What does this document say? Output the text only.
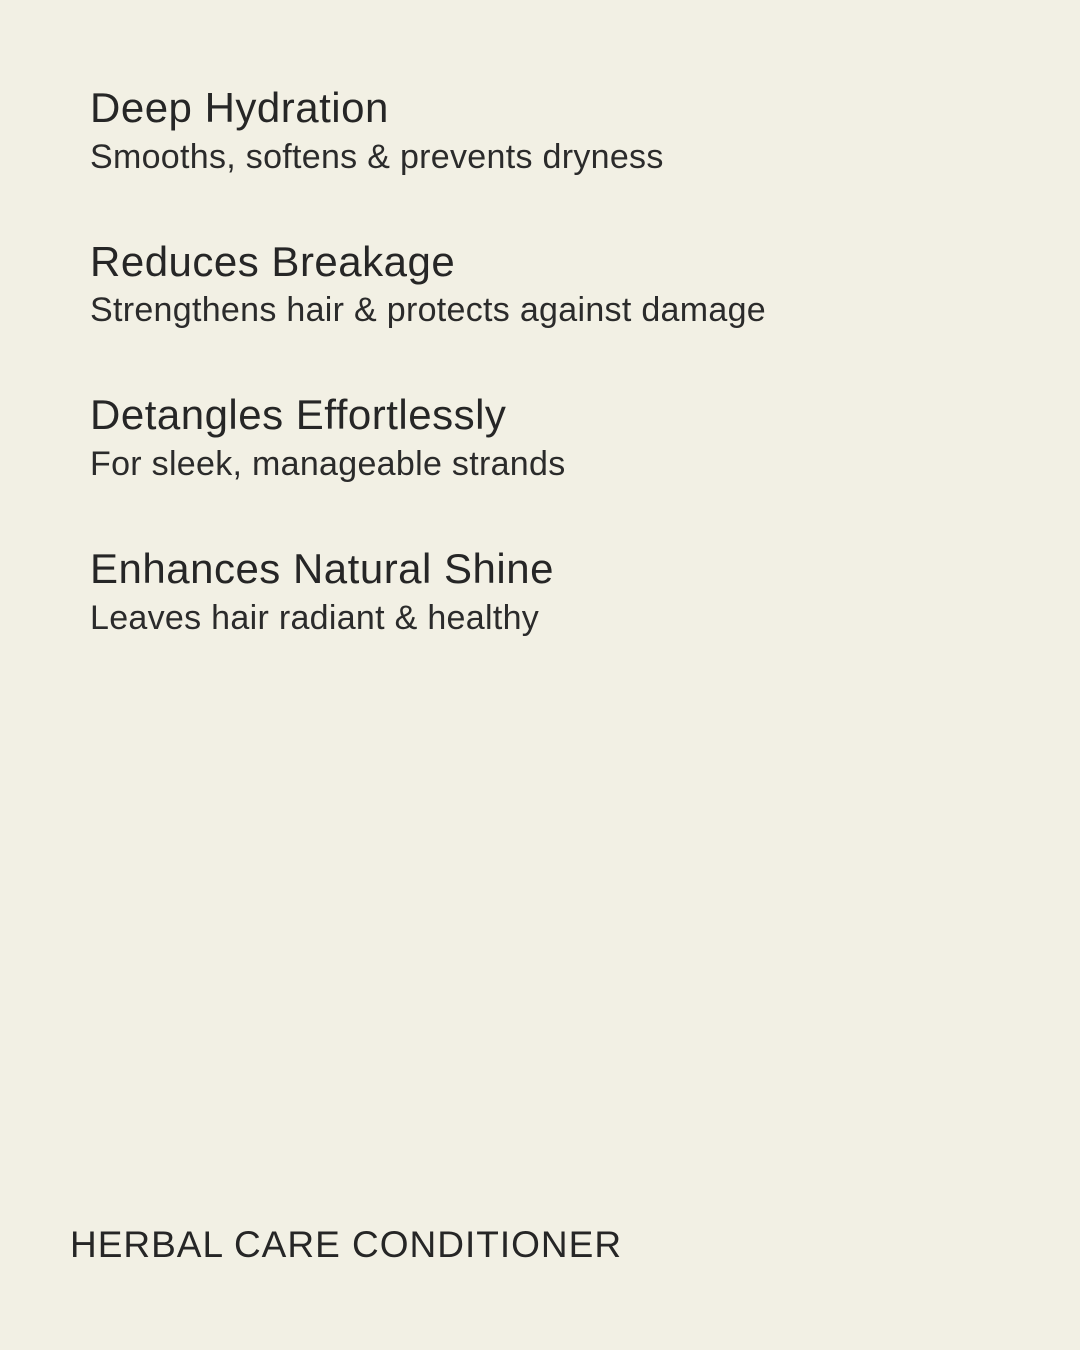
Deep Hydration

Smooths, softens & prevents dryness

Reduces Breakage

Strengthens hair & protects against damage

Detangles Effortlessly

For sleek, manageable strands

Enhances Natural Shine

Leaves hair radiant & healthy

HERBAL CARE CONDITIONER
